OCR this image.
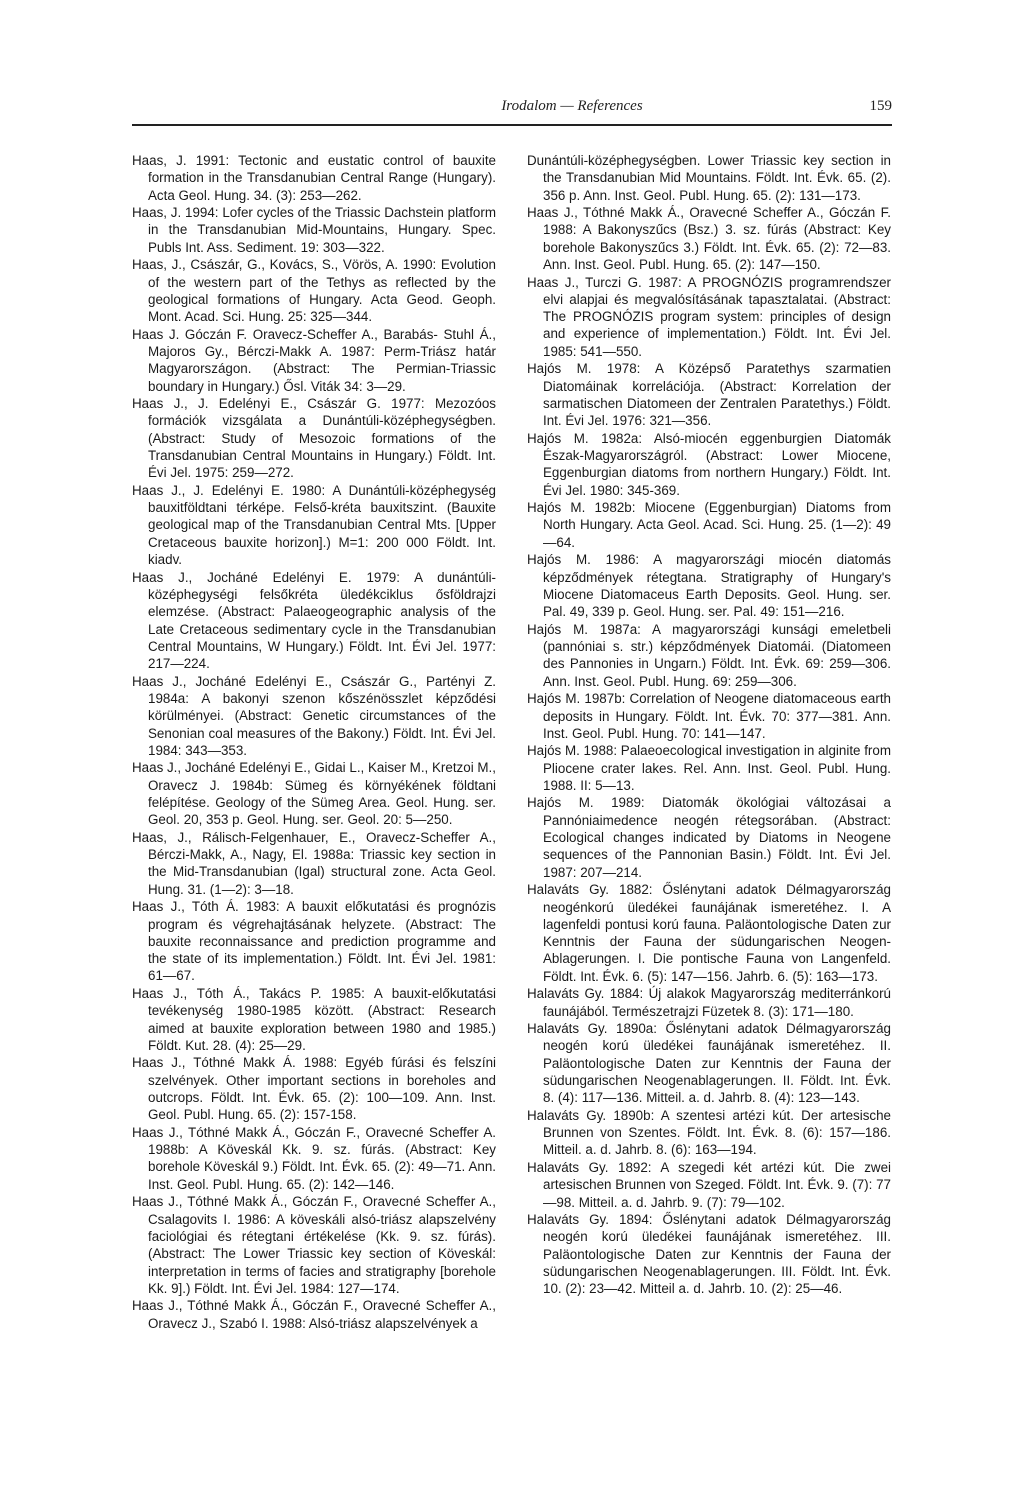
Irodalom — References	159

Haas, J. 1991: Tectonic and eustatic control of bauxite formation in the Transdanubian Central Range (Hungary). Acta Geol. Hung. 34. (3): 253—262.

Haas, J. 1994: Lofer cycles of the Triassic Dachstein platform in the Transdanubian Mid-Mountains, Hungary. Spec. Publs Int. Ass. Sediment. 19: 303—322.

Haas, J., Császár, G., Kovács, S., Vörös, A. 1990: Evolution of the western part of the Tethys as reflected by the geological formations of Hungary. Acta Geod. Geoph. Mont. Acad. Sci. Hung. 25: 325—344.

Haas J. Góczán F. Oravecz-Scheffer A., Barabás- Stuhl Á., Majoros Gy., Bérczi-Makk A. 1987: Perm-Triász határ Magyarországon. (Abstract: The Permian-Triassic boundary in Hungary.) Ősl. Viták 34: 3—29.

Haas J., J. Edelényi E., Császár G. 1977: Mezozóos formációk vizsgálata a Dunántúli-középhegységben. (Abstract: Study of Mesozoic formations of the Transdanubian Central Mountains in Hungary.) Földt. Int. Évi Jel. 1975: 259—272.

Haas J., J. Edelényi E. 1980: A Dunántúli-középhegység bauxitföldtani térképe. Felső-kréta bauxitszint. (Bauxite geological map of the Transdanubian Central Mts. [Upper Cretaceous bauxite horizon].) M=1: 200 000 Földt. Int. kiadv.

Haas J., Jocháné Edelényi E. 1979: A dunántúli-középhegységi felsőkréta üledékciklus ősföldrajzi elemzése. (Abstract: Palaeogeographic analysis of the Late Cretaceous sedimentary cycle in the Transdanubian Central Mountains, W Hungary.) Földt. Int. Évi Jel. 1977: 217—224.

Haas J., Jocháné Edelényi E., Császár G., Partényi Z. 1984a: A bakonyi szenon kőszénösszlet képződési körülményei. (Abstract: Genetic circumstances of the Senonian coal measures of the Bakony.) Földt. Int. Évi Jel. 1984: 343—353.

Haas J., Jocháné Edelényi E., Gidai L., Kaiser M., Kretzoi M., Oravecz J. 1984b: Sümeg és környékének földtani felépítése. Geology of the Sümeg Area. Geol. Hung. ser. Geol. 20, 353 p. Geol. Hung. ser. Geol. 20: 5—250.

Haas, J., Rálisch-Felgenhauer, E., Oravecz-Scheffer A., Bérczi-Makk, A., Nagy, El. 1988a: Triassic key section in the Mid-Transdanubian (Igal) structural zone. Acta Geol. Hung. 31. (1—2): 3—18.

Haas J., Tóth Á. 1983: A bauxit előkutatási és prognózis program és végrehajtásának helyzete. (Abstract: The bauxite reconnaissance and prediction programme and the state of its implementation.) Földt. Int. Évi Jel. 1981: 61—67.

Haas J., Tóth Á., Takács P. 1985: A bauxit-előkutatási tevékenység 1980-1985 között. (Abstract: Research aimed at bauxite exploration between 1980 and 1985.) Földt. Kut. 28. (4): 25—29.

Haas J., Tóthné Makk Á. 1988: Egyéb fúrási és felszíni szelvények. Other important sections in boreholes and outcrops. Földt. Int. Évk. 65. (2): 100—109. Ann. Inst. Geol. Publ. Hung. 65. (2): 157-158.

Haas J., Tóthné Makk Á., Góczán F., Oravecné Scheffer A. 1988b: A Köveskál Kk. 9. sz. fúrás. (Abstract: Key borehole Köveskál 9.) Földt. Int. Évk. 65. (2): 49—71. Ann. Inst. Geol. Publ. Hung. 65. (2): 142—146.

Haas J., Tóthné Makk Á., Góczán F., Oravecné Scheffer A., Csalagovits I. 1986: A köveskáli alsó-triász alapszelvény faciológiai és rétegtani értékelése (Kk. 9. sz. fúrás). (Abstract: The Lower Triassic key section of Köveskál: interpretation in terms of facies and stratigraphy [borehole Kk. 9].) Földt. Int. Évi Jel. 1984: 127—174.

Haas J., Tóthné Makk Á., Góczán F., Oravecné Scheffer A., Oravecz J., Szabó I. 1988: Alsó-triász alapszelvények a

Dunántúli-középhegységben. Lower Triassic key section in the Transdanubian Mid Mountains. Földt. Int. Évk. 65. (2). 356 p. Ann. Inst. Geol. Publ. Hung. 65. (2): 131—173.

Haas J., Tóthné Makk Á., Oravecné Scheffer A., Góczán F. 1988: A Bakonyszűcs (Bsz.) 3. sz. fúrás (Abstract: Key borehole Bakonyszűcs 3.) Földt. Int. Évk. 65. (2): 72—83. Ann. Inst. Geol. Publ. Hung. 65. (2): 147—150.

Haas J., Turczi G. 1987: A PROGNÓZIS programrendszer elvi alapjai és megvalósításának tapasztalatai. (Abstract: The PROGNÓZIS program system: principles of design and experience of implementation.) Földt. Int. Évi Jel. 1985: 541—550.

Hajós M. 1978: A Középső Paratethys szarmatien Diatomáinak korrelációja. (Abstract: Korrelation der sarmatischen Diatomeen der Zentralen Paratethys.) Földt. Int. Évi Jel. 1976: 321—356.

Hajós M. 1982a: Alsó-miocén eggenburgien Diatomák Észak-Magyarországról. (Abstract: Lower Miocene, Eggenburgian diatoms from northern Hungary.) Földt. Int. Évi Jel. 1980: 345-369.

Hajós M. 1982b: Miocene (Eggenburgian) Diatoms from North Hungary. Acta Geol. Acad. Sci. Hung. 25. (1—2): 49—64.

Hajós M. 1986: A magyarországi miocén diatomás képződmények rétegtana. Stratigraphy of Hungary's Miocene Diatomaceus Earth Deposits. Geol. Hung. ser. Pal. 49, 339 p. Geol. Hung. ser. Pal. 49: 151—216.

Hajós M. 1987a: A magyarországi kunsági emeletbeli (pannóniai s. str.) képződmények Diatomái. (Diatomeen des Pannonies in Ungarn.) Földt. Int. Évk. 69: 259—306. Ann. Inst. Geol. Publ. Hung. 69: 259—306.

Hajós M. 1987b: Correlation of Neogene diatomaceous earth deposits in Hungary. Földt. Int. Évk. 70: 377—381. Ann. Inst. Geol. Publ. Hung. 70: 141—147.

Hajós M. 1988: Palaeoecological investigation in alginite from Pliocene crater lakes. Rel. Ann. Inst. Geol. Publ. Hung. 1988. II: 5—13.

Hajós M. 1989: Diatomák ökológiai változásai a Pannóniaimedence neogén rétegsorában. (Abstract: Ecological changes indicated by Diatoms in Neogene sequences of the Pannonian Basin.) Földt. Int. Évi Jel. 1987: 207—214.

Halaváts Gy. 1882: Őslénytani adatok Délmagyarország neogénkorú üledékei faunájának ismeretéhez. I. A lagenfeldi pontusi korú fauna. Paläontologische Daten zur Kenntnis der Fauna der südungarischen Neogen-Ablagerungen. I. Die pontische Fauna von Langenfeld. Földt. Int. Évk. 6. (5): 147—156. Jahrb. 6. (5): 163—173.

Halaváts Gy. 1884: Új alakok Magyarország mediterránkorú faunájából. Természetrajzi Füzetek 8. (3): 171—180.

Halaváts Gy. 1890a: Őslénytani adatok Délmagyarország neogén korú üledékei faunájának ismeretéhez. II. Paläontologische Daten zur Kenntnis der Fauna der südungarischen Neogenablagerungen. II. Földt. Int. Évk. 8. (4): 117—136. Mitteil. a. d. Jahrb. 8. (4): 123—143.

Halaváts Gy. 1890b: A szentesi artézi kút. Der artesische Brunnen von Szentes. Földt. Int. Évk. 8. (6): 157—186. Mitteil. a. d. Jahrb. 8. (6): 163—194.

Halaváts Gy. 1892: A szegedi két artézi kút. Die zwei artesischen Brunnen von Szeged. Földt. Int. Évk. 9. (7): 77—98. Mitteil. a. d. Jahrb. 9. (7): 79—102.

Halaváts Gy. 1894: Őslénytani adatok Délmagyarország neogén korú üledékei faunájának ismeretéhez. III. Paläontologische Daten zur Kenntnis der Fauna der südungarischen Neogenablagerungen. III. Földt. Int. Évk. 10. (2): 23—42. Mitteil a. d. Jahrb. 10. (2): 25—46.
